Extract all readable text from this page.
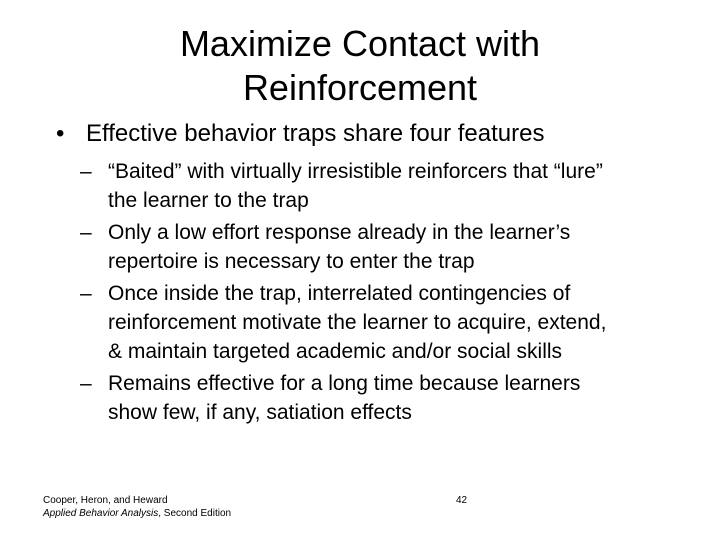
Maximize Contact with
Reinforcement
• Effective behavior traps share four features
– “Baited” with virtually irresistible reinforcers that “lure”
the learner to the trap
– Only a low effort response already in the learner’s
repertoire is necessary to enter the trap
– Once inside the trap, interrelated contingencies of
reinforcement motivate the learner to acquire, extend,
& maintain targeted academic and/or social skills
– Remains effective for a long time because learners
show few, if any, satiation effects
Cooper, Heron, and Heward
Applied Behavior Analysis, Second Edition
42
